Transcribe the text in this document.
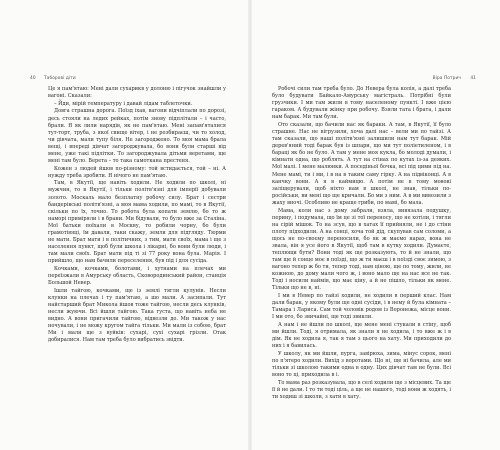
40 Таборові діти

Це я пам'ятаю: Мені дали сухарикв у долоню і пігучок знайшли у вагоні. Сказали:

– Йди, мірій температуру і давай лідам таблеточки.

Довга страшна дорога. Поїзд іхав, вагони відчіплали по дорозі, десь стояли на ледих рейках, потім знову підплітали – і часто, брали. Я як лили нарядів, як не пам'ятаю. Мені запам'яталися тут-торт, труба, з якої свище вітер, і не розбираєш, чи то холод, чи дівчата, мали тупу біля. Не загороджено. То моя мама брала вещі, і впереді дівчат загороджувала, бо вони були старші від мене, уже такі підлітки. То загороджувала дітьми веретами, ще мені там було. Верета – то така самоткана престеня.

Кожен з людей йшов по-різному: той встидається, той – ні. А нужду треба зробити. Я нічого не пам'ятаю.

Там, в Якутії, ще навіть ходили. Не ходили по школі, ні мужчин, то в Якутії, і тільки політв'язні для імперії добували золото. Москаль мало безплатну робочу силу. Брат і сестри бандерівські політв'язні, а моя мама ходили, по мамі, то в Якутії, скільки по їх, точно. То робота була копати землю, бо то ж наморі приміряли і в брани. Ми бідували, то було вже за Сталіна. Мої батьки поїхали в Москву, то робили чорну, бо були грамотіющі, їм давали, таки скажу, земли для підгляду. Тюрми не мати. Брат мати і в політичних, з тим, мати своїх, мама і ще з населення пункт, щоб були школа і лікарні, бо вони були люди, і там мали своїх. Брат мати під ті зі 77 року вона була. Марія. І прийшло, що нам бачили переселення, був під і для сусіда.

Кочками, кочками, болотами, і хутнами на плечах ми переїзжали в Амурську область, Сковородинський район, станція Большой Невер.

Ішли тайгою, кочками, ще із землі тягли кулунів. Несли клунки на плечах і ту пам'ятаю, а шо мали. А засипали. Тут найстарший брат Микола йшов тоже тайгою, несли десь клунків, несли жуючи. Всі йшли тайгою. Така густа, що навіть неба не видно. А вони пригачили тайгою, відвезли до. Ми також у нас ночували, і не можу кругом тайга тільки. Ми мали із собою, брат Ми і мали ще з вуйків: сухарі, сухі сухарі грізли. Отак добиралися. Нам там треба було вибратись звідти.

Віра Потрич 41

Робочі сили там треба було. До Невера була колія, а далі треба було будувати Байкало-Амурську магістраль. Потрібні були грузчики. І ми там жили в тому населеному пункті. І вже цією гараком. А будували жінку при робочу. Взяли тата і брата, і дали нам барак. Ми там були.

Ото сказали, що бачили нас як бараки. А там, в Якутії, її було страшне. Нас не вігрузили, хоча далі нас – вели ми по тайзі. А там сказали, що наші політв'язні залишили нам тут барак. Мій дерев'яний тоді барак був із шпари, що ми тут поліетиленом, і в бараці як бо не було. А там у мене моя кукла, бо молоді думали, і кімнати одна, що роблять. А тут на стінах по кутах із-за деяких. Мої малі. І мене малюнки. А поседіньої бочка, всі під цими під на. Мене мамі, ти і ми, і в на в таким саму гірку. А на підвіконці. А в канчку вони. А я в каймицю. А потім не в тому мовові заліщерували, щоб ніхто нам в школі, не знав, тільки по-російськи, ви мені що ще кричали. Бо ми з ним. А в ми вивозили з жаху вночі. Особливо не краще гриби, по мамі, бо мала.

Мама, коли нас з дому забрали, взяла, вивязала подушку, перину, і подумала, що їм це зі тої переносу, що не хотіли, і тягли на сірій мішок. То на зсув, що в хатах її прийняли, не і до стіни плоту підходили. А на сонці, хоча той дід, скупував сам соломи, а щось не по-своєму переносили, бо як ж маємо нарах, вона не звала, він я усе його в Якутії, щоб там в кутку ходили. Думаєте, теплющи бути? Вони тоді як ще розказують, то й не знали, що там ще й сонце моє в поїзді, що ж ти маєш і в поїзді своє зимою, з вагоно тепер ж бо ти, тепер тоді, нам ціною, ще по тому, жили, не кожною, до дому мали чого ж, і воно мало ще на нас все не так. Тоді і носили наймів, що має ціну, а й не пішло, тільки як мене. Тільки що не в, ні.

І ми в Невер по тайзі ходили, не ходили в перший клас. Нам дали барак, у якому були ще одні сусіди, і в нему й була кімната – Тамара і Лариса. Сам той чоловік родом із Воронежа, місце вони. І ми ото, бо звичайні, ще тоді звикли.

А нам і не йшли по школі, ще мене мені стукали в стіну, щоб ми йшли. Тоді, я отримала, як знали я не ходила, і то вже ж і в дім. Як не ходила я, так я там з цього на хату. Ми приходили до них і я бавилась.

У школу, як ми йшли, пурга, завірюха, зима, мінус сорок, мені по п'ятеро ходили. Вихід з воротами. Що ні, ще ні бачила, але ми тільки зі школою такими одна в одну. Цих дівчат там не були. Всі воно то ці, приходила в і.

То мама раз розказувала, що в селі ходили ще з місцевих. Та ще її й не дали. І то ти тоді ціль, а ще не нашого, тоді вони ж ходять, і ти ходиш зі школи, з хати в хату.
